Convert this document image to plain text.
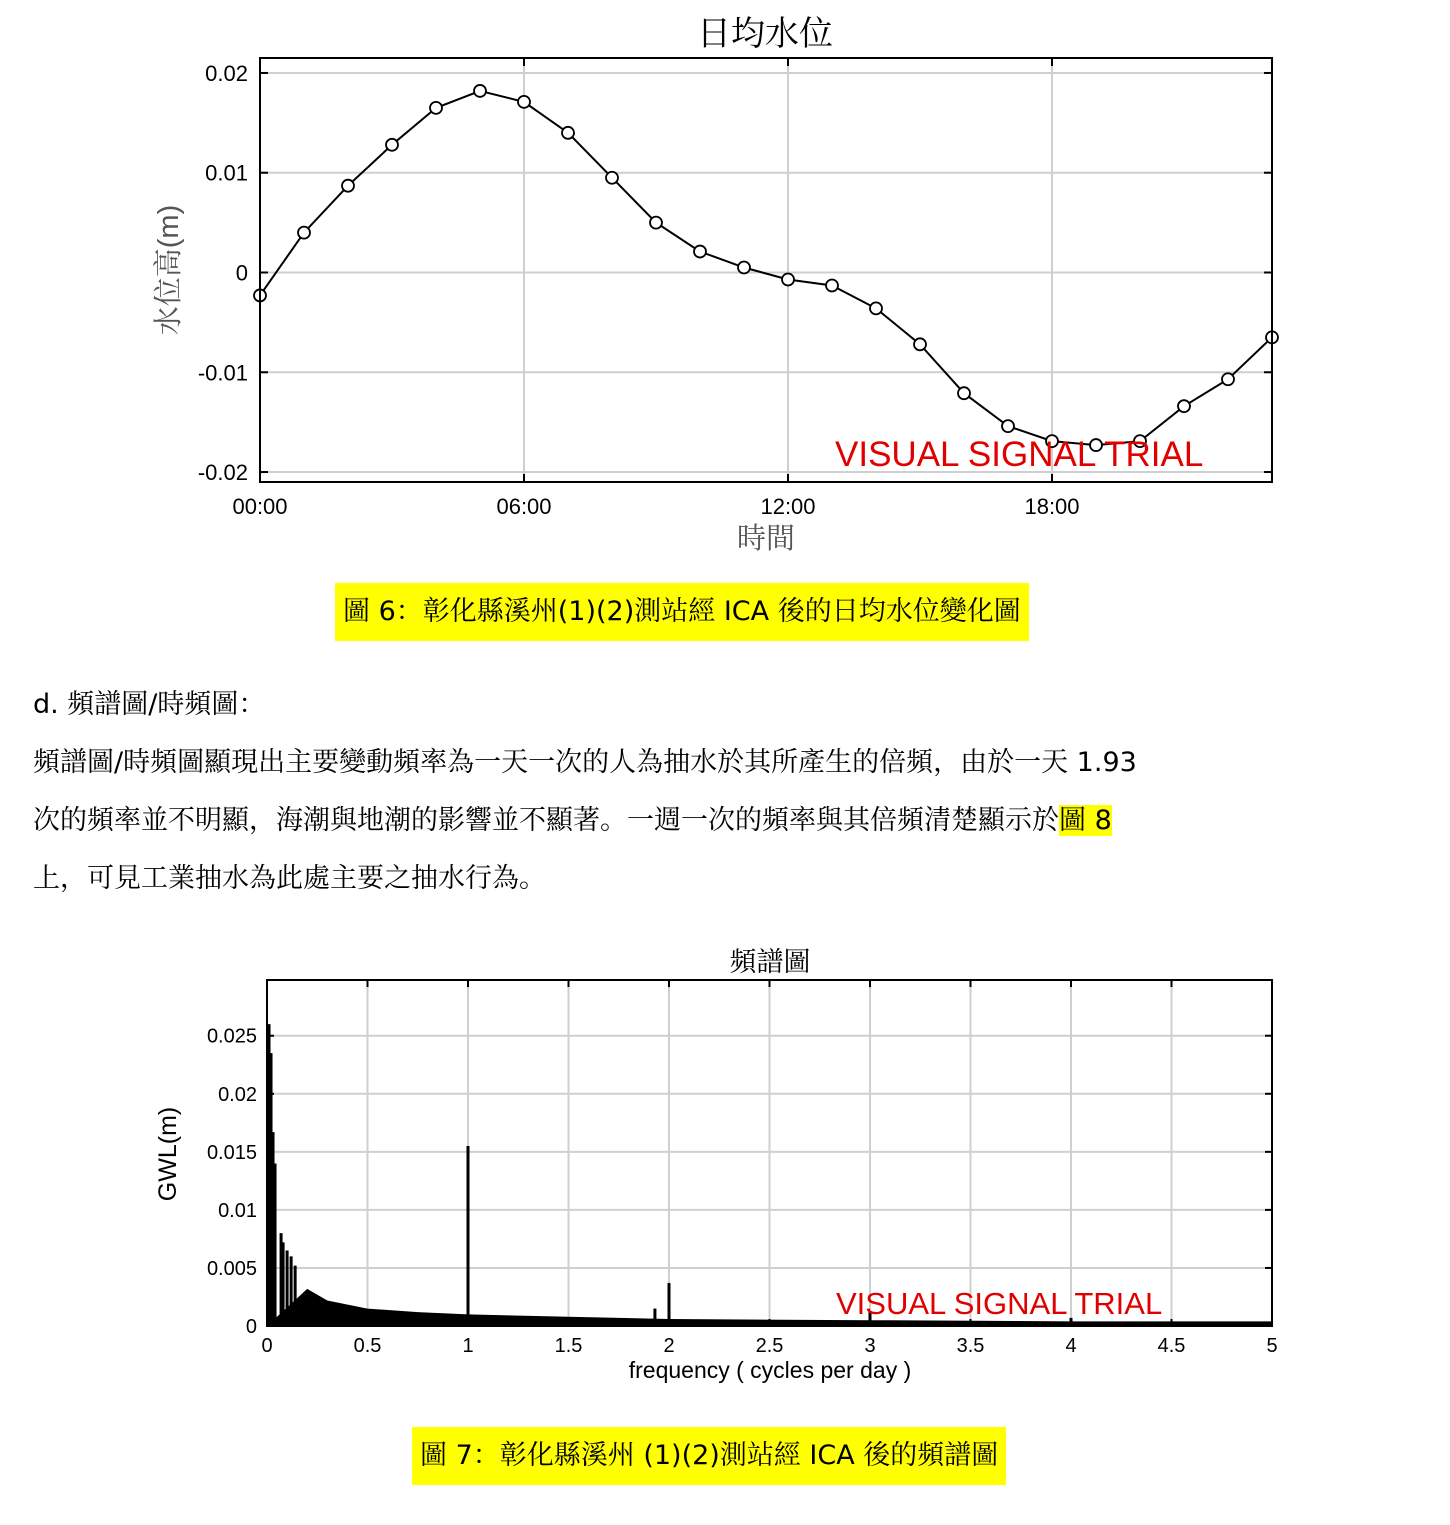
日均水位
00:00	06:00	12:00	18:00
0.02
0.01
0
-0.01
-0.02	VISUAL SIGNAL TRIAL
時間
水位高(m)
圖 6：彰化縣溪州(1)(2)測站經 ICA 後的日均水位變化圖
d. 頻譜圖/時頻圖：
頻譜圖/時頻圖顯現出主要變動頻率為一天一次的人為抽水於其所產生的倍頻，由於一天 1.93
次的頻率並不明顯，海潮與地潮的影響並不顯著。一週一次的頻率與其倍頻清楚顯示於圖 8
上，可見工業抽水為此處主要之抽水行為。
頻譜圖
0	0.5	1	1.5	2	2.5	3	3.5	4	4.5	5
0.025
0.02
0.015
0.01
0.005
0
VISUAL SIGNAL TRIAL
frequency ( cycles per day )
GWL(m)
圖 7：彰化縣溪州 (1)(2)測站經 ICA 後的頻譜圖
